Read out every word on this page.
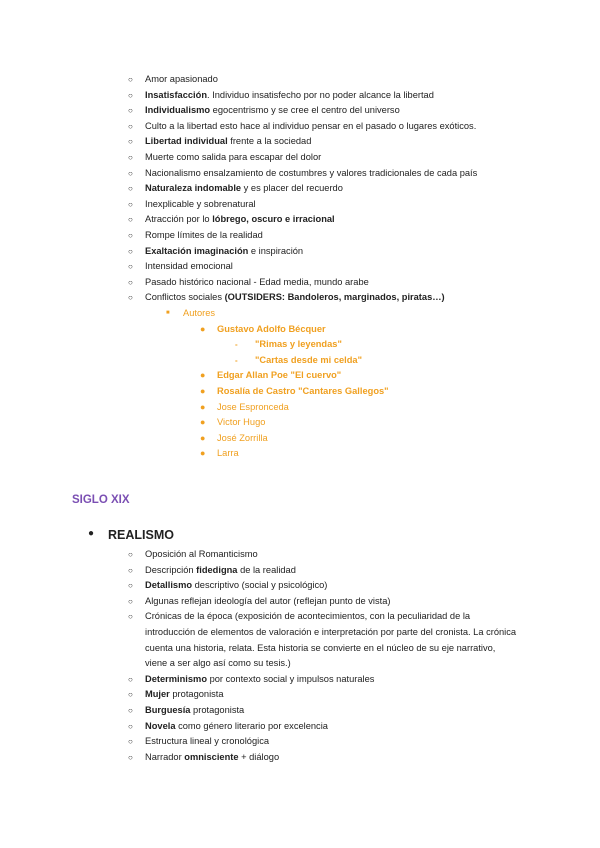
○ Amor apasionado
○ Insatisfacción. Individuo insatisfecho por no poder alcance la libertad
○ Individualismo egocentrismo y se cree el centro del universo
○ Culto a la libertad esto hace al individuo pensar en el pasado o lugares exóticos.
○ Libertad individual frente a la sociedad
○ Muerte como salida para escapar del dolor
○ Nacionalismo ensalzamiento de costumbres y valores tradicionales de cada país
○ Naturaleza indomable y es placer del recuerdo
○ Inexplicable y sobrenatural
○ Atracción por lo lóbrego, oscuro e irracional
○ Rompe límites de la realidad
○ Exaltación imaginación e inspiración
○ Intensidad emocional
○ Pasado histórico nacional - Edad media, mundo arabe
○ Conflictos sociales (OUTSIDERS: Bandoleros, marginados, piratas…)
■ Autores
● Gustavo Adolfo Bécquer
- "Rimas y leyendas"
- "Cartas desde mi celda"
● Edgar Allan Poe "El cuervo"
● Rosalía de Castro "Cantares Gallegos"
● Jose Espronceda
● Victor Hugo
● José Zorrilla
● Larra
SIGLO XIX
● REALISMO
○ Oposición al Romanticismo
○ Descripción fidedigna de la realidad
○ Detallismo descriptivo (social y psicológico)
○ Algunas reflejan ideología del autor (reflejan punto de vista)
○ Crónicas de la época (exposición de acontecimientos, con la peculiaridad de la introducción de elementos de valoración e interpretación por parte del cronista. La crónica cuenta una historia, relata. Esta historia se convierte en el núcleo de su eje narrativo, viene a ser algo así como su tesis.)
○ Determinismo por contexto social y impulsos naturales
○ Mujer protagonista
○ Burguesía protagonista
○ Novela como género literario por excelencia
○ Estructura lineal y cronológica
○ Narrador omnisciente + diálogo
